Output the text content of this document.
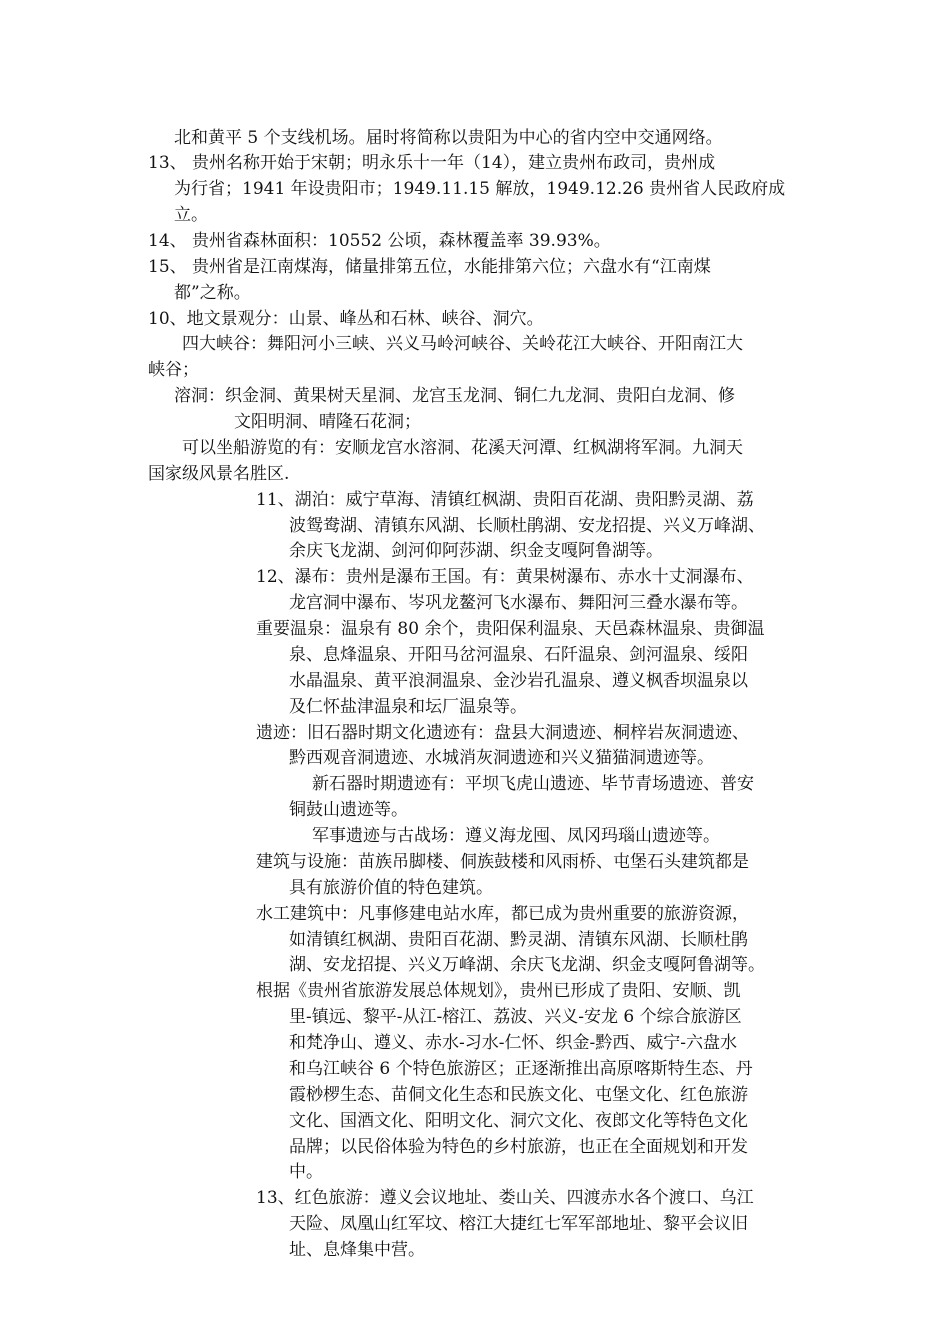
北和黄平 5 个支线机场。届时将简称以贵阳为中心的省内空中交通网络。
13、 贵州名称开始于宋朝；明永乐十一年（14），建立贵州布政司，贵州成
为行省；1941 年设贵阳市；1949.11.15 解放，1949.12.26 贵州省人民政府成
立。
14、 贵州省森林面积：10552 公顷，森林覆盖率 39.93%。
15、 贵州省是江南煤海，储量排第五位，水能排第六位；六盘水有“江南煤
都”之称。
10、地文景观分：山景、峰丛和石林、峡谷、洞穴。
四大峡谷：舞阳河小三峡、兴义马岭河峡谷、关岭花江大峡谷、开阳南江大
峡谷；
溶洞：织金洞、黄果树天星洞、龙宫玉龙洞、铜仁九龙洞、贵阳白龙洞、修
文阳明洞、晴隆石花洞；
可以坐船游览的有：安顺龙宫水溶洞、花溪天河潭、红枫湖将军洞。九洞天
国家级风景名胜区.
11、湖泊：威宁草海、清镇红枫湖、贵阳百花湖、贵阳黔灵湖、荔
波鸳鸯湖、清镇东风湖、长顺杜鹃湖、安龙招提、兴义万峰湖、
余庆飞龙湖、剑河仰阿莎湖、织金支嘎阿鲁湖等。
12、瀑布：贵州是瀑布王国。有：黄果树瀑布、赤水十丈洞瀑布、
龙宫洞中瀑布、岑巩龙鳌河飞水瀑布、舞阳河三叠水瀑布等。
重要温泉：温泉有 80 余个，贵阳保利温泉、天邑森林温泉、贵御温
泉、息烽温泉、开阳马岔河温泉、石阡温泉、剑河温泉、绥阳
水晶温泉、黄平浪洞温泉、金沙岩孔温泉、遵义枫香坝温泉以
及仁怀盐津温泉和坛厂温泉等。
遗迹：旧石器时期文化遗迹有：盘县大洞遗迹、桐梓岩灰洞遗迹、
黔西观音洞遗迹、水城消灰洞遗迹和兴义猫猫洞遗迹等。
新石器时期遗迹有：平坝飞虎山遗迹、毕节青场遗迹、普安
铜鼓山遗迹等。
军事遗迹与古战场：遵义海龙囤、凤冈玛瑙山遗迹等。
建筑与设施：苗族吊脚楼、侗族鼓楼和风雨桥、屯堡石头建筑都是
具有旅游价值的特色建筑。
水工建筑中：凡事修建电站水库，都已成为贵州重要的旅游资源，
如清镇红枫湖、贵阳百花湖、黔灵湖、清镇东风湖、长顺杜鹃
湖、安龙招提、兴义万峰湖、余庆飞龙湖、织金支嘎阿鲁湖等。
根据《贵州省旅游发展总体规划》，贵州已形成了贵阳、安顺、凯
里-镇远、黎平-从江-榕江、荔波、兴义-安龙 6 个综合旅游区
和梵净山、遵义、赤水-习水-仁怀、织金-黔西、威宁-六盘水
和乌江峡谷 6 个特色旅游区；正逐渐推出高原喀斯特生态、丹
霞桫椤生态、苗侗文化生态和民族文化、屯堡文化、红色旅游
文化、国酒文化、阳明文化、洞穴文化、夜郎文化等特色文化
品牌；以民俗体验为特色的乡村旅游，也正在全面规划和开发
中。
13、红色旅游：遵义会议地址、娄山关、四渡赤水各个渡口、乌江
天险、凤凰山红军坟、榕江大捷红七军军部地址、黎平会议旧
址、息烽集中营。
